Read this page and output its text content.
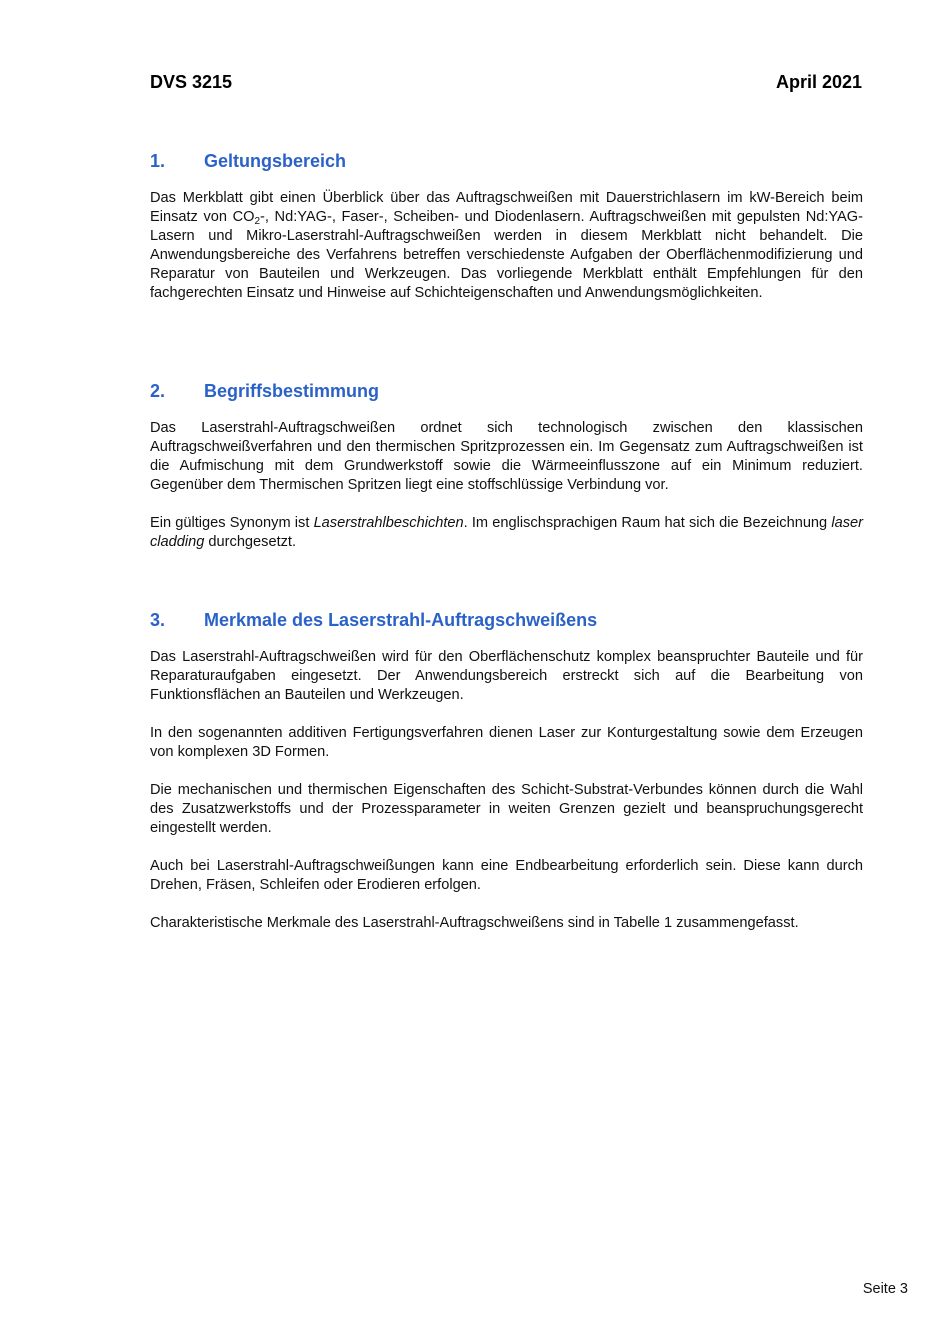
DVS 3215	April 2021
1.	Geltungsbereich

Das Merkblatt gibt einen Überblick über das Auftragschweißen mit Dauerstrichlasern im kW-Bereich beim Einsatz von $CO_2-$, Nd:YAG-, Faser-, Scheiben- und Diodenlasern. Auftragschweißen mit gepulsten Nd:YAG-Lasern und Mikro-Laserstrahl-Auftragschweißen werden in diesem Merkblatt nicht behandelt. Die Anwendungsbereiche des Verfahrens betreffen verschiedenste Aufgaben der Oberflächenmodifizierung und Reparatur von Bauteilen und Werkzeugen. Das vorliegende Merkblatt enthält Empfehlungen für den fachgerechten Einsatz und Hinweise auf Schichteigenschaften und Anwendungsmöglichkeiten.

2.	Begriffsbestimmung

Das Laserstrahl-Auftragschweißen ordnet sich technologisch zwischen den klassischen Auftragschweißverfahren und den thermischen Spritzprozessen ein. Im Gegensatz zum Auftragschweißen ist die Aufmischung mit dem Grundwerkstoff sowie die Wärmeeinflusszone auf ein Minimum reduziert. Gegenüber dem Thermischen Spritzen liegt eine stoffschlüssige Verbindung vor.

Ein gültiges Synonym ist Laserstrahlbeschichten. Im englischsprachigen Raum hat sich die Bezeichnung laser cladding durchgesetzt.

3.	Merkmale des Laserstrahl-Auftragschweißens

Das Laserstrahl-Auftragschweißen wird für den Oberflächenschutz komplex beanspruchter Bauteile und für Reparaturaufgaben eingesetzt. Der Anwendungsbereich erstreckt sich auf die Bearbeitung von Funktionsflächen an Bauteilen und Werkzeugen.

In den sogenannten additiven Fertigungsverfahren dienen Laser zur Konturgestaltung sowie dem Erzeugen von komplexen 3D Formen.

Die mechanischen und thermischen Eigenschaften des Schicht-Substrat-Verbundes können durch die Wahl des Zusatzwerkstoffs und der Prozessparameter in weiten Grenzen gezielt und beanspruchungsgerecht eingestellt werden.

Auch bei Laserstrahl-Auftragschweißungen kann eine Endbearbeitung erforderlich sein. Diese kann durch Drehen, Fräsen, Schleifen oder Erodieren erfolgen.

Charakteristische Merkmale des Laserstrahl-Auftragschweißens sind in Tabelle 1 zusammengefasst.

Seite 3
